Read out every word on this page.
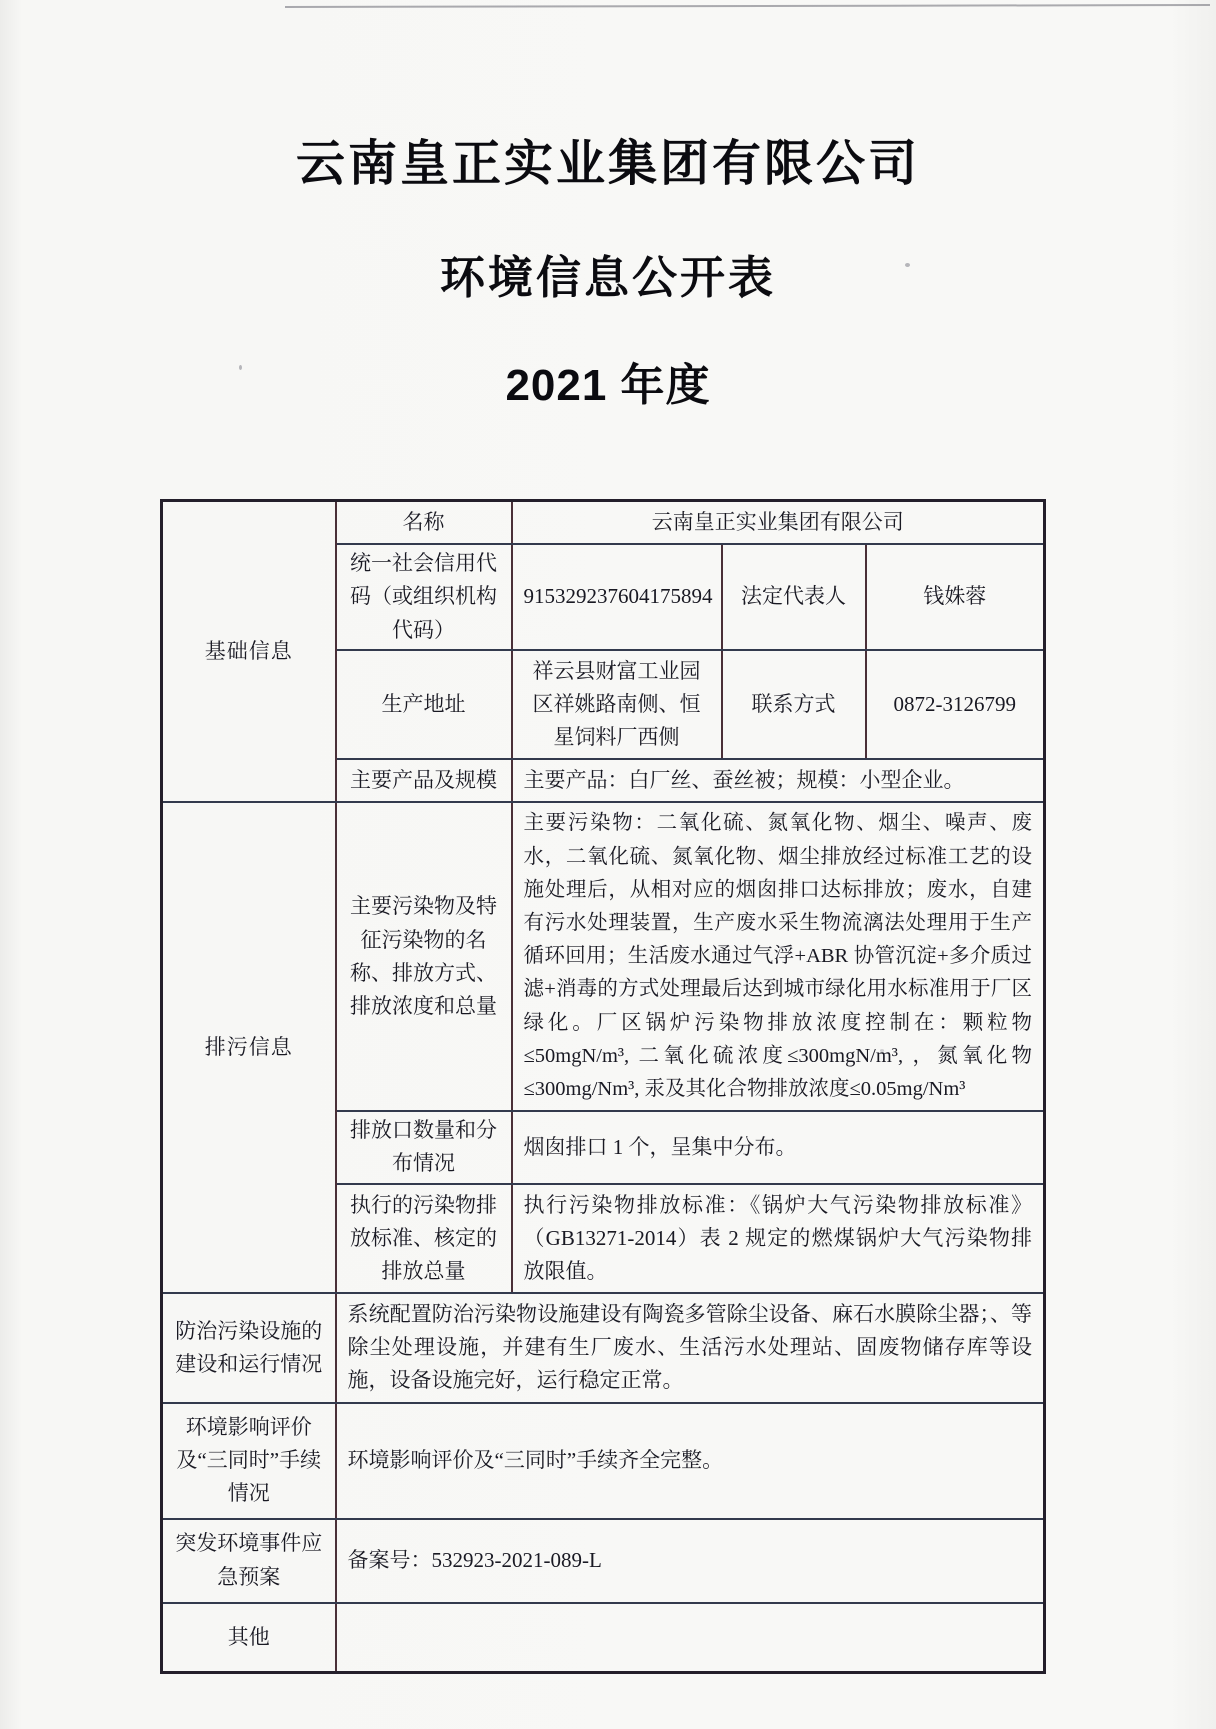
云南皇正实业集团有限公司
环境信息公开表
2021 年度
基础信息	名称	云南皇正实业集团有限公司		
	统一社会信用代码（或组织机构代码）	915329237604175894	法定代表人	钱姝蓉
	生产地址	祥云县财富工业园区祥姚路南侧、恒星饲料厂西侧	联系方式	0872-3126799
	主要产品及规模	主要产品：白厂丝、蚕丝被；规模：小型企业。		
排污信息	主要污染物及特征污染物的名称、排放方式、排放浓度和总量	主要污染物：二氧化硫、氮氧化物、烟尘、噪声、废水，二氧化硫、氮氧化物、烟尘排放经过标准工艺的设施处理后，从相对应的烟囱排口达标排放；废水，自建有污水处理装置，生产废水采生物流漓法处理用于生产循环回用；生活废水通过气浮+ABR 协管沉淀+多介质过滤+消毒的方式处理最后达到城市绿化用水标准用于厂区绿化。厂区锅炉污染物排放浓度控制在：颗粒物≤50mgN/m³, 二氧化硫浓度≤300mgN/m³, ，氮氧化物≤300mg/Nm³, 汞及其化合物排放浓度≤0.05mg/Nm³		
	排放口数量和分布情况	烟囱排口 1 个，呈集中分布。		
	执行的污染物排放标准、核定的排放总量	执行污染物排放标准：《锅炉大气污染物排放标准》（GB13271-2014）表 2 规定的燃煤锅炉大气污染物排放限值。		
防治污染设施的建设和运行情况	系统配置防治污染物设施建设有陶瓷多管除尘设备、麻石水膜除尘器；、等除尘处理设施，并建有生厂废水、生活污水处理站、固废物储存库等设施，设备设施完好，运行稳定正常。			
环境影响评价及“三同时”手续情况	环境影响评价及“三同时”手续齐全完整。			
突发环境事件应急预案	备案号：532923-2021-089-L			
其他				
